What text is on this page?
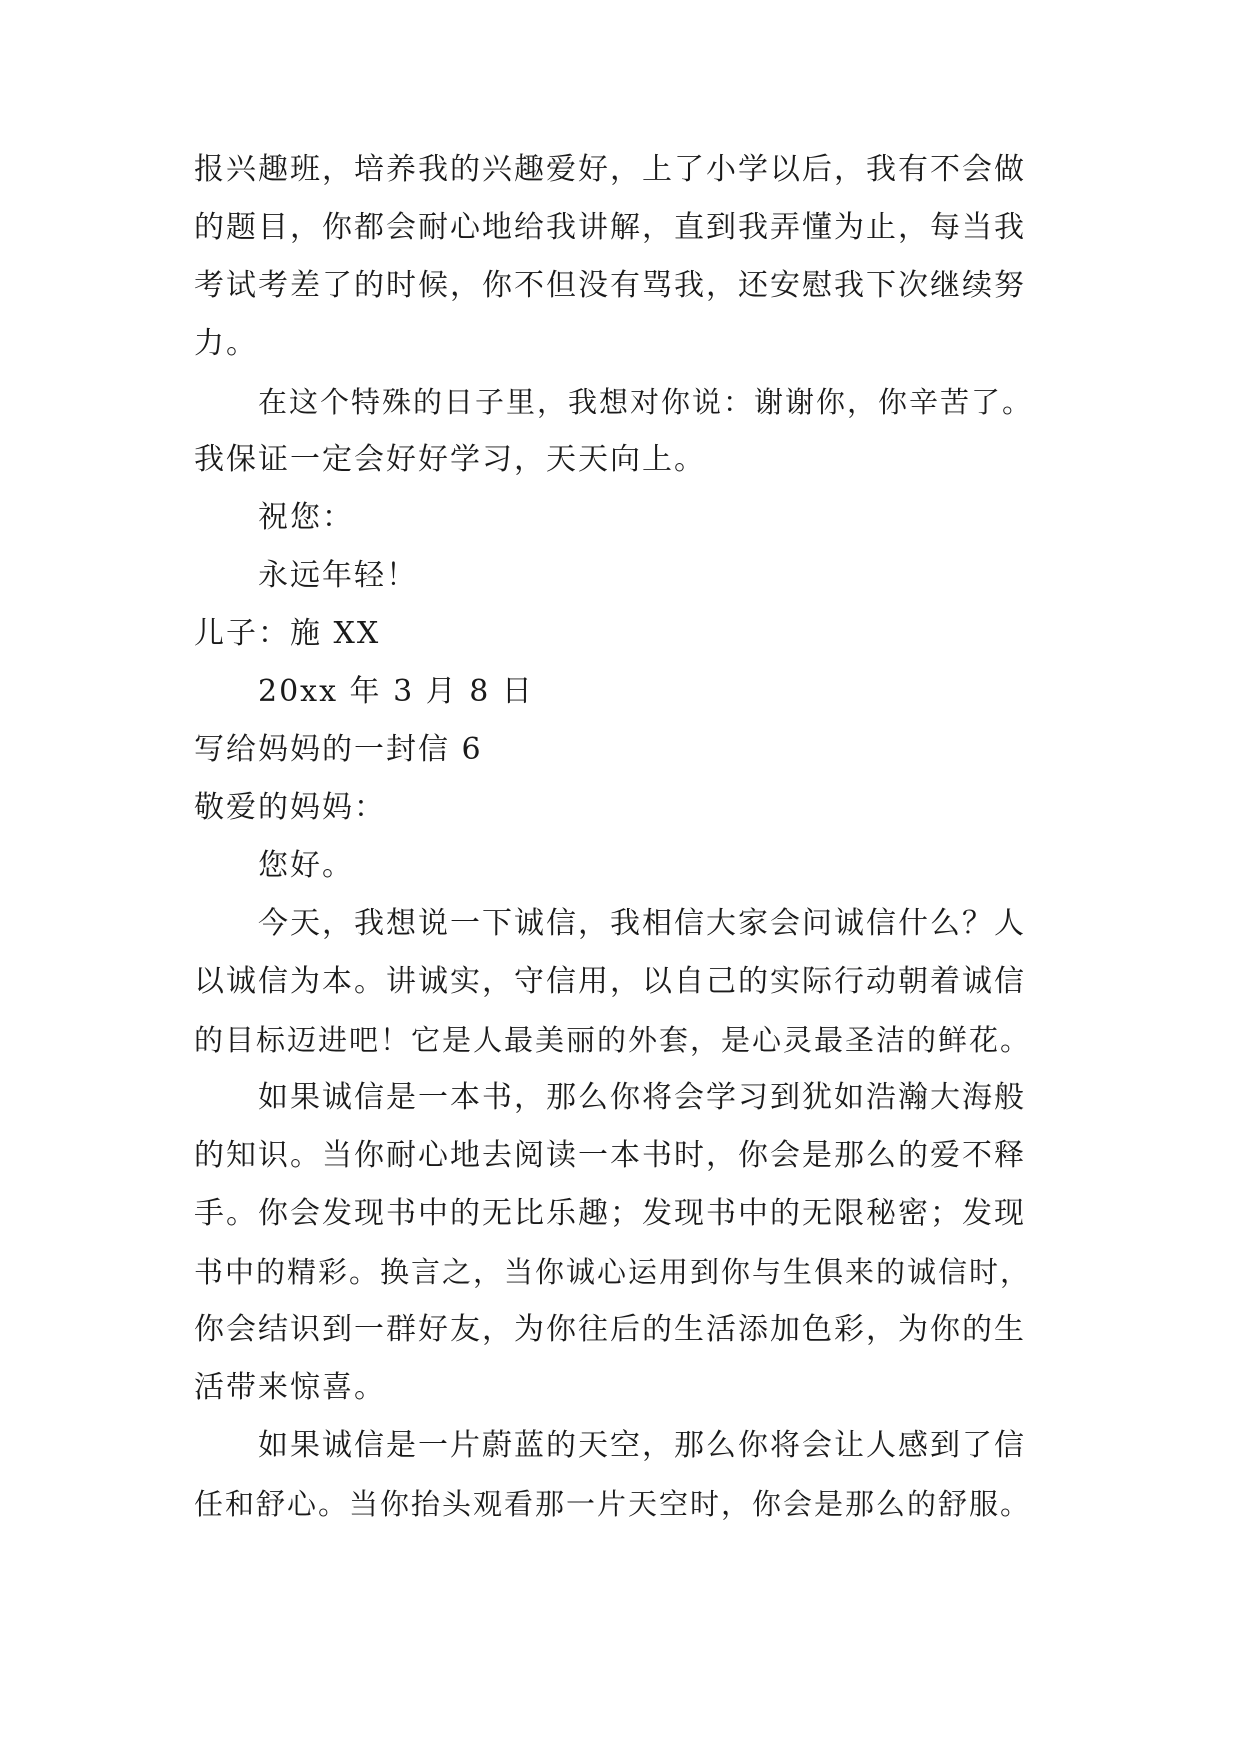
报兴趣班，培养我的兴趣爱好，上了小学以后，我有不会做
的题目，你都会耐心地给我讲解，直到我弄懂为止，每当我
考试考差了的时候，你不但没有骂我，还安慰我下次继续努
力。
在这个特殊的日子里，我想对你说：谢谢你，你辛苦了。
我保证一定会好好学习，天天向上。
祝您：
永远年轻！
儿子：施 XX
20xx 年 3 月 8 日
写给妈妈的一封信 6
敬爱的妈妈：
您好。
今天，我想说一下诚信，我相信大家会问诚信什么？人
以诚信为本。讲诚实，守信用，以自己的实际行动朝着诚信
的目标迈进吧！它是人最美丽的外套，是心灵最圣洁的鲜花。
如果诚信是一本书，那么你将会学习到犹如浩瀚大海般
的知识。当你耐心地去阅读一本书时，你会是那么的爱不释
手。你会发现书中的无比乐趣；发现书中的无限秘密；发现
书中的精彩。换言之，当你诚心运用到你与生俱来的诚信时，
你会结识到一群好友，为你往后的生活添加色彩，为你的生
活带来惊喜。
如果诚信是一片蔚蓝的天空，那么你将会让人感到了信
任和舒心。当你抬头观看那一片天空时，你会是那么的舒服。
